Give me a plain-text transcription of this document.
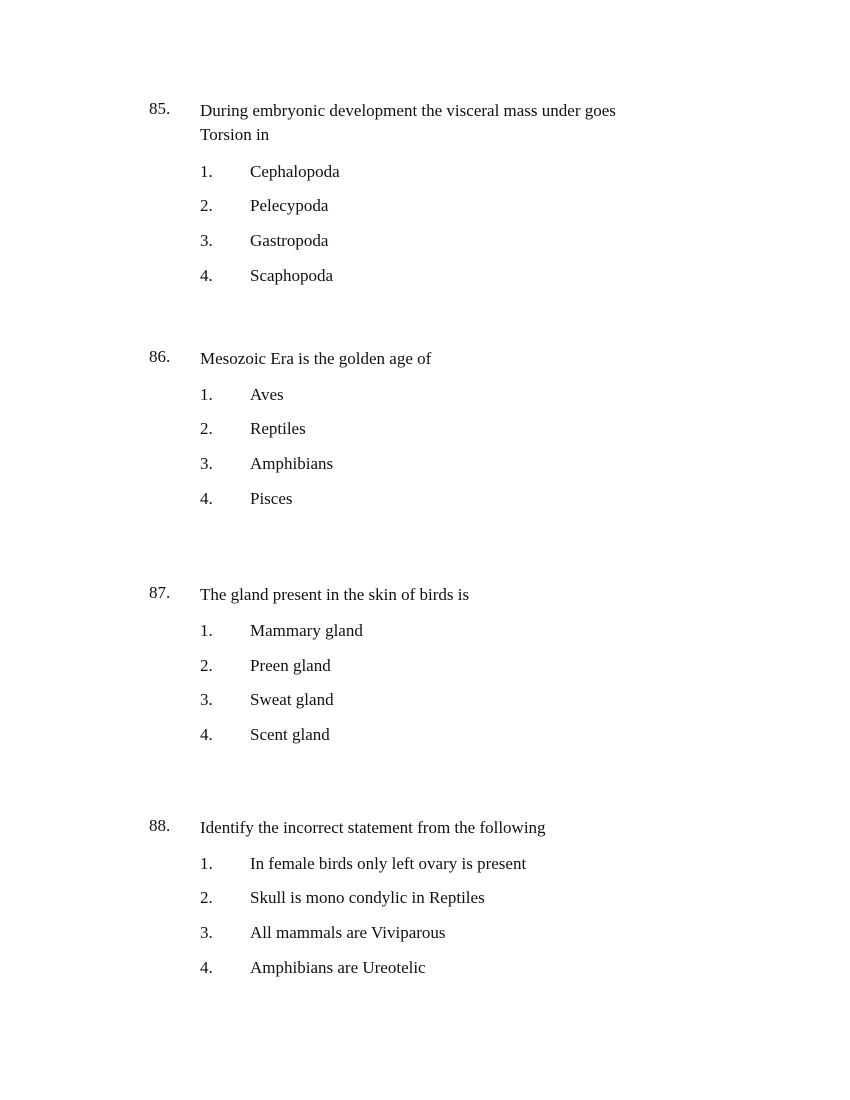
85. During embryonic development the visceral mass under goes Torsion in
1. Cephalopoda
2. Pelecypoda
3. Gastropoda
4. Scaphopoda
86. Mesozoic Era is the golden age of
1. Aves
2. Reptiles
3. Amphibians
4. Pisces
87. The gland present in the skin of birds is
1. Mammary gland
2. Preen gland
3. Sweat gland
4. Scent gland
88. Identify the incorrect statement from the following
1. In female birds only left ovary is present
2. Skull is mono condylic in Reptiles
3. All mammals are Viviparous
4. Amphibians are Ureotelic
